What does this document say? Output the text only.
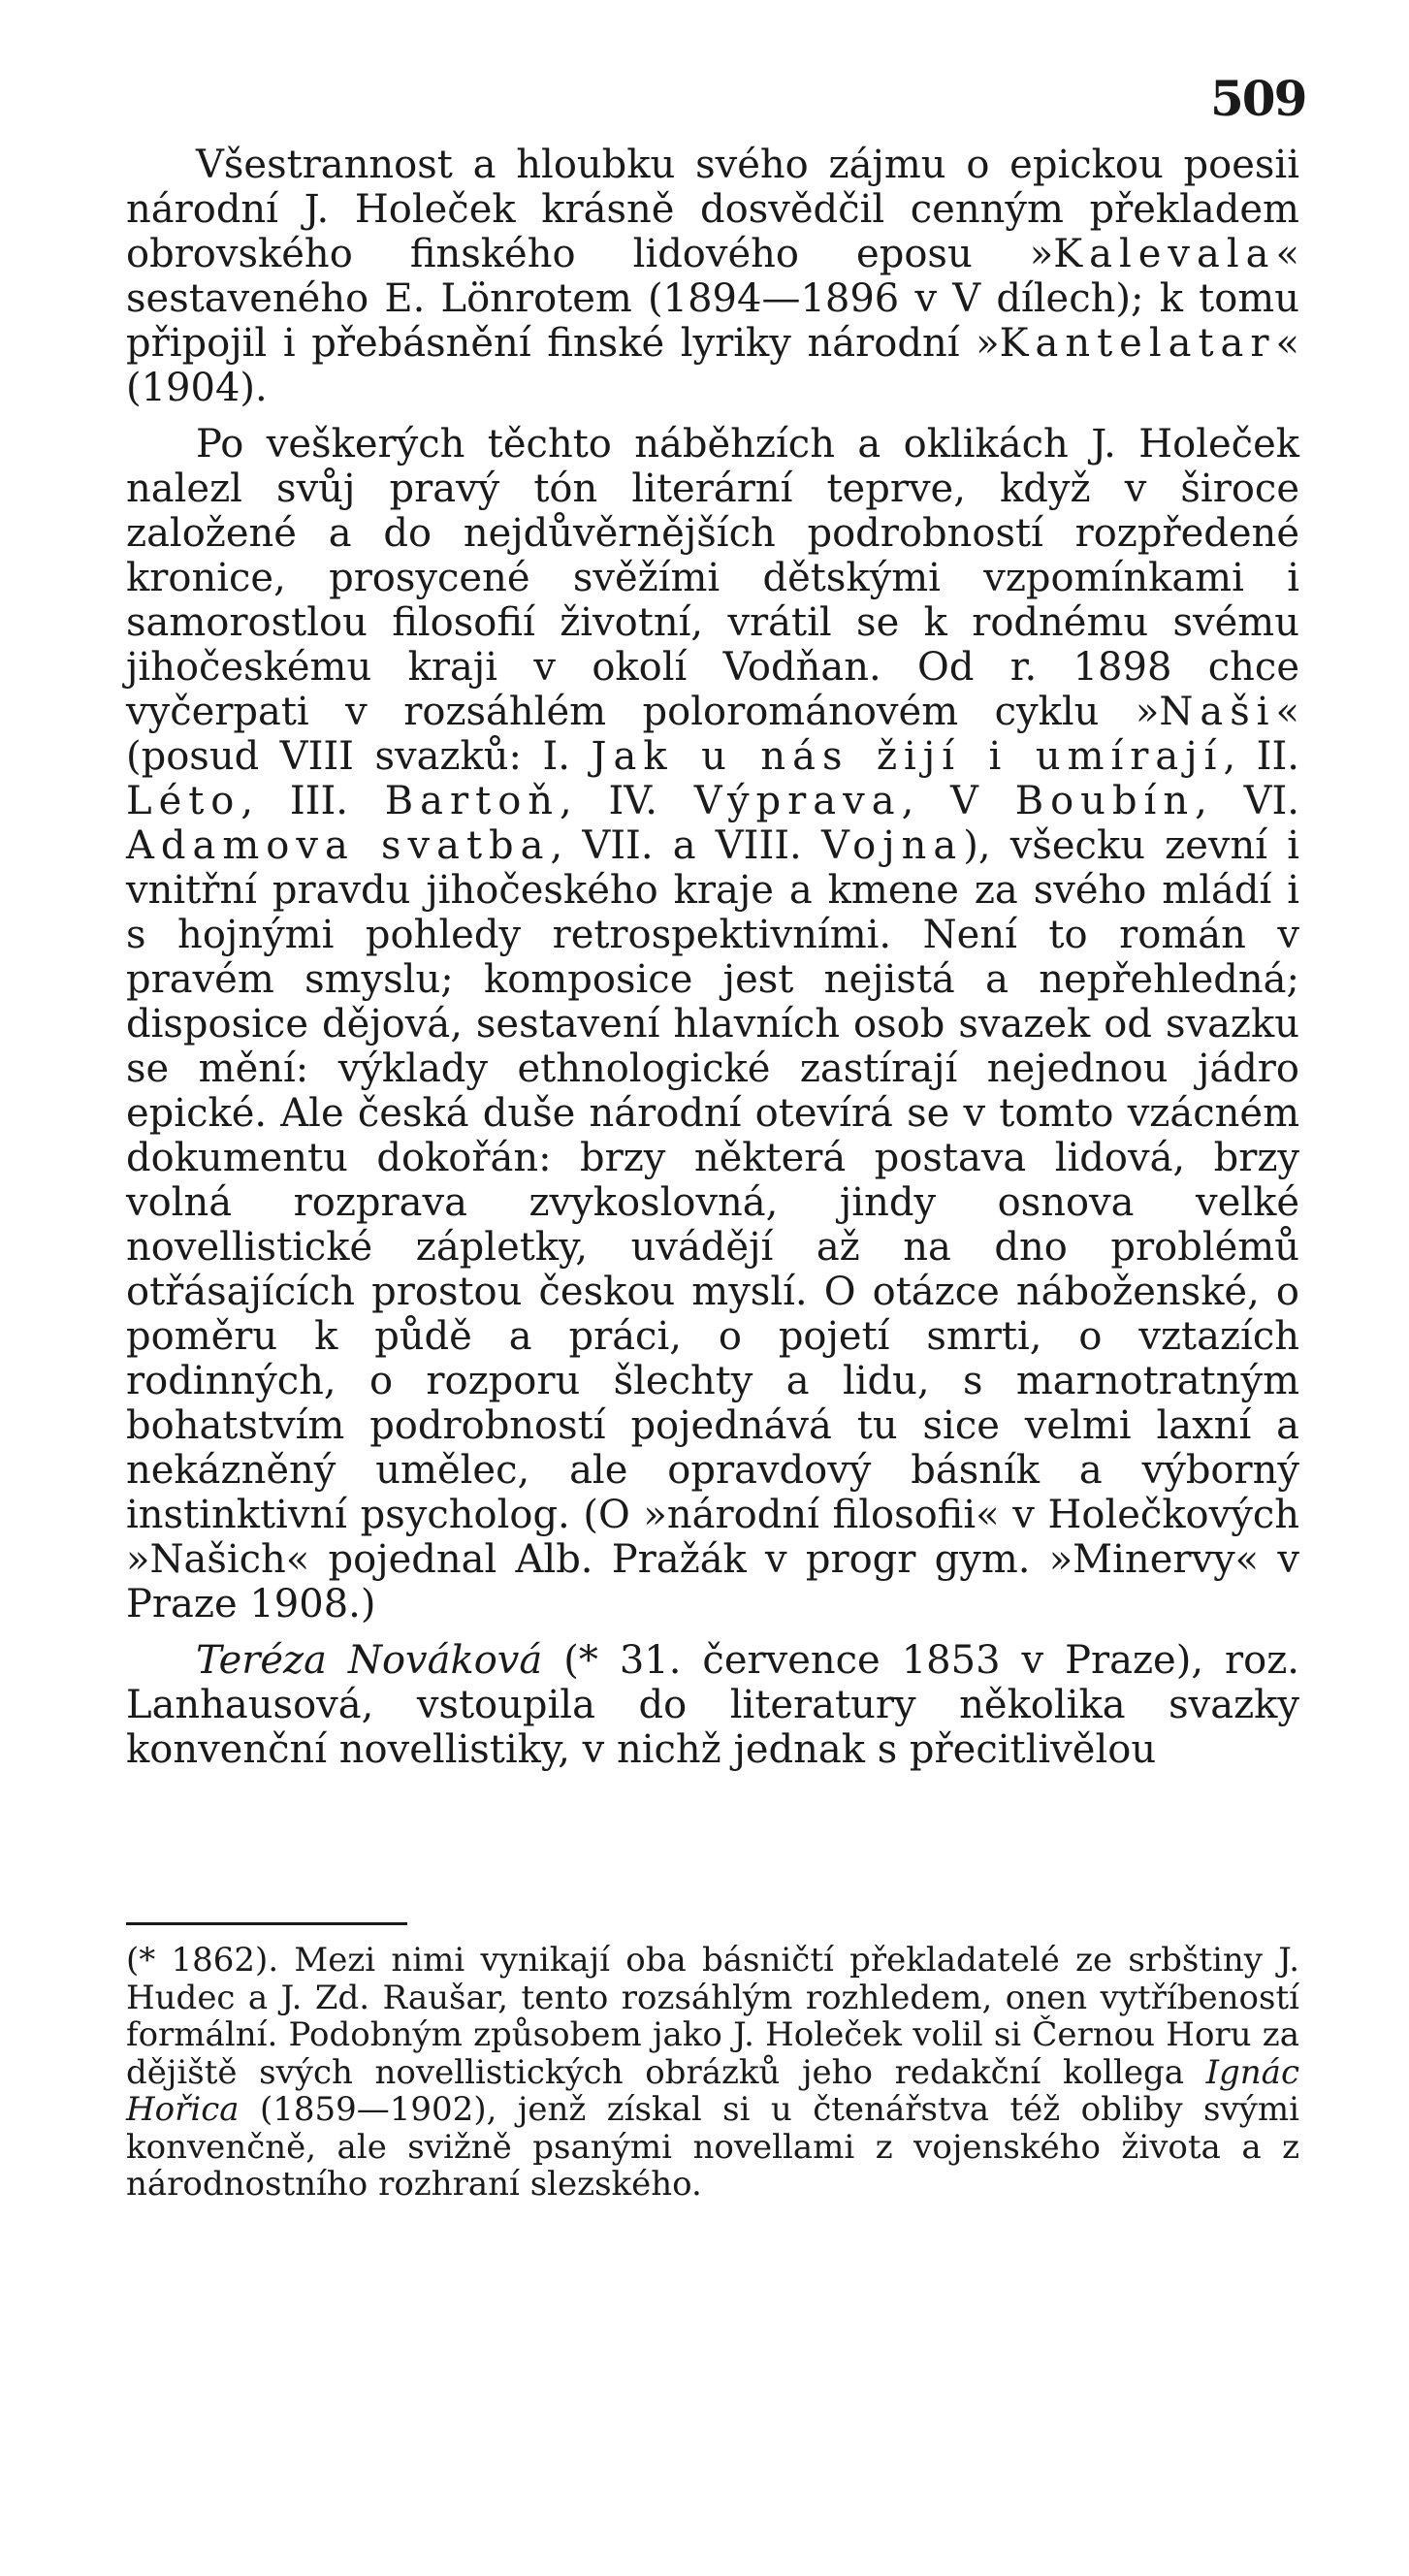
509

Všestrannost a hloubku svého zájmu o epickou poesii národní J. Holeček krásně dosvědčil cenným překladem obrovského finského lidového eposu »Kalevala« sestaveného E. Lönrotem (1894—1896 v V dílech); k tomu připojil i přebásnění finské lyriky národní »Kantelatar« (1904).

Po veškerých těchto náběhzích a oklikách J. Holeček nalezl svůj pravý tón literární teprve, když v široce založené a do nejdůvěrnějších podrobností rozpředené kronice, prosycené svěžími dětskými vzpomínkami i samorostlou filosofií životní, vrátil se k rodnému svému jihočeskému kraji v okolí Vodňan. Od r. 1898 chce vyčerpati v rozsáhlém polorománovém cyklu »Naši« (posud VIII svazků: I. Jak u nás žijí i umírají, II. Léto, III. Bartoň, IV. Výprava, V Boubín, VI. Adamova svatba, VII. a VIII. Vojna), všecku zevní i vnitřní pravdu jihočeského kraje a kmene za svého mládí i s hojnými pohledy retrospektivními. Není to román v pravém smyslu; komposice jest nejistá a nepřehledná; disposice dějová, sestavení hlavních osob svazek od svazku se mění: výklady ethnologické zastírají nejednou jádro epické. Ale česká duše národní otevírá se v tomto vzácném dokumentu dokořán: brzy některá postava lidová, brzy volná rozprava zvykoslovná, jindy osnova velké novellistické zápletky, uvádějí až na dno problémů otřásajících prostou českou myslí. O otázce náboženské, o poměru k půdě a práci, o pojetí smrti, o vztazích rodinných, o rozporu šlechty a lidu, s marnotratným bohatstvím podrobností pojednává tu sice velmi laxní a nekázněný umělec, ale opravdový básník a výborný instinktivní psycholog. (O »národní filosofii« v Holečkových »Našich« pojednal Alb. Pražák v progr gym. »Minervy« v Praze 1908.)

Teréza Nováková (* 31. července 1853 v Praze), roz. Lanhausová, vstoupila do literatury několika svazky konvenční novellistiky, v nichž jednak s přecitlivělou

(* 1862). Mezi nimi vynikají oba básničtí překladatelé ze srbštiny J. Hudec a J. Zd. Raušar, tento rozsáhlým rozhledem, onen vytříbeností formální. Podobným způsobem jako J. Holeček volil si Černou Horu za dějiště svých novellistických obrázků jeho redakční kollega Ignác Hořica (1859—1902), jenž získal si u čtenářstva též obliby svými konvenčně, ale svižně psanými novellami z vojenského života a z národnostního rozhraní slezského.
